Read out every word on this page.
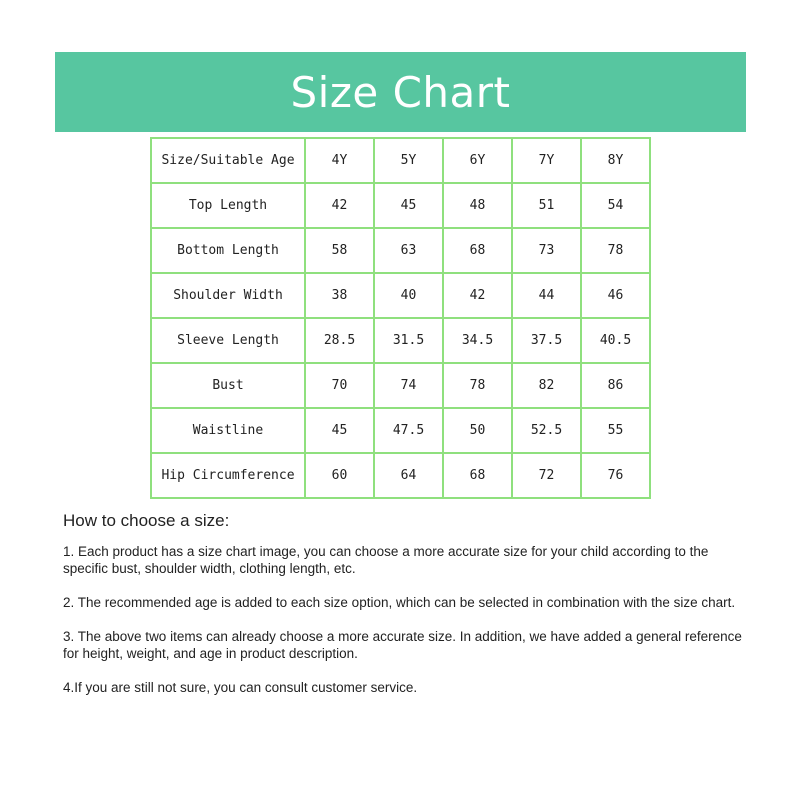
Size Chart
Size/Suitable Age	4Y	5Y	6Y	7Y	8Y
Top Length	42	45	48	51	54
Bottom Length	58	63	68	73	78
Shoulder Width	38	40	42	44	46
Sleeve Length	28.5	31.5	34.5	37.5	40.5
Bust	70	74	78	82	86
Waistline	45	47.5	50	52.5	55
Hip Circumference	60	64	68	72	76
How to choose a size:

1. Each product has a size chart image, you can choose a more accurate size for your child according to the specific bust, shoulder width, clothing length, etc.

2. The recommended age is added to each size option, which can be selected in combination with the size chart.

3. The above two items can already choose a more accurate size. In addition, we have added a general reference for height, weight, and age in product description.

4.If you are still not sure, you can consult customer service.
